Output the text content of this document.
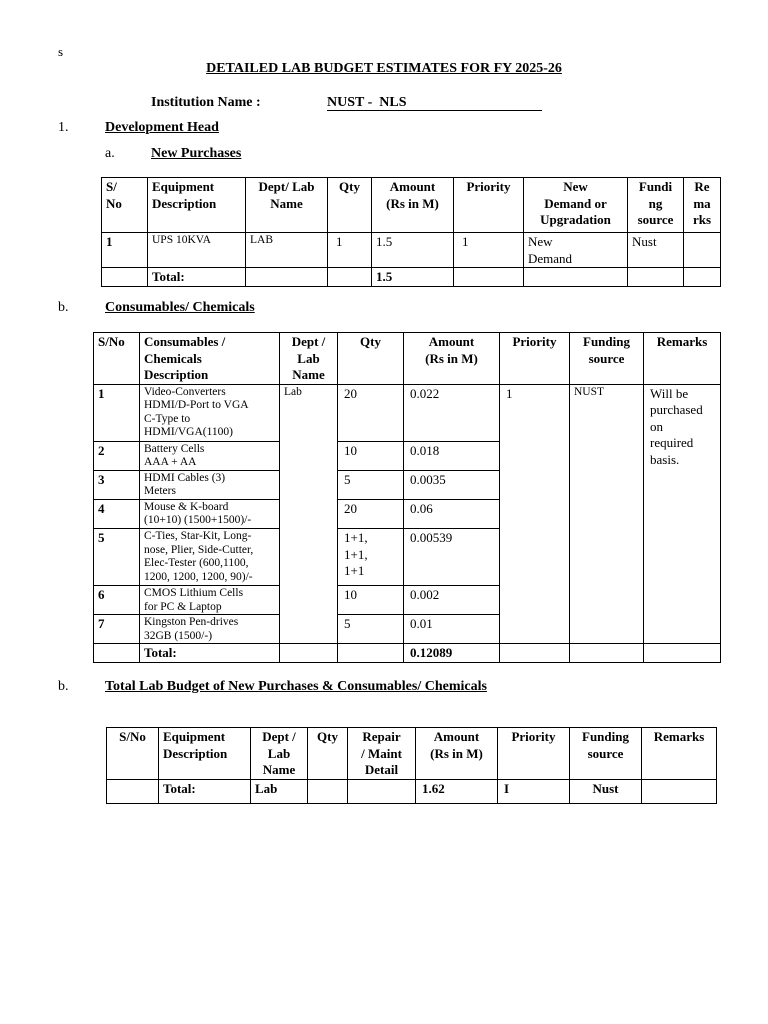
s
DETAILED LAB BUDGET ESTIMATES FOR FY 2025-26
Institution Name :	NUST -  NLS
1.	Development Head
a.	New Purchases
S/
No	Equipment
Description	Dept/ Lab
Name	Qty	Amount
(Rs in M)	Priority	New
Demand or
Upgradation	Fundi
ng
source	Re
ma
rks
1	UPS 10KVA	LAB	1	1.5	1	New
Demand	Nust	
	Total:			1.5				
b.	Consumables/ Chemicals
S/No	Consumables /
Chemicals
Description	Dept /
Lab
Name	Qty	Amount
(Rs in M)	Priority	Funding
source	Remarks
1	Video-Converters
HDMI/D-Port to VGA
C-Type to
HDMI/VGA(1100)	Lab	20	0.022	1	NUST	Will be
purchased
on
required
basis.
2	Battery Cells
AAA + AA		10	0.018			
3	HDMI Cables (3)
Meters		5	0.0035			
4	Mouse & K-board
(10+10) (1500+1500)/-		20	0.06			
5	C-Ties, Star-Kit, Long-
nose, Plier, Side-Cutter,
Elec-Tester (600,1100,
1200, 1200, 1200, 90)/-		1+1,
1+1,
1+1	0.00539			
6	CMOS Lithium Cells
for PC & Laptop		10	0.002			
7	Kingston Pen-drives
32GB (1500/-)		5	0.01			
	Total:			0.12089			
b.	Total Lab Budget of New Purchases & Consumables/ Chemicals
S/No	Equipment
Description	Dept /
Lab
Name	Qty	Repair
/ Maint
Detail	Amount
(Rs in M)	Priority	Funding
source	Remarks
	Total:	Lab			1.62	I	Nust	
